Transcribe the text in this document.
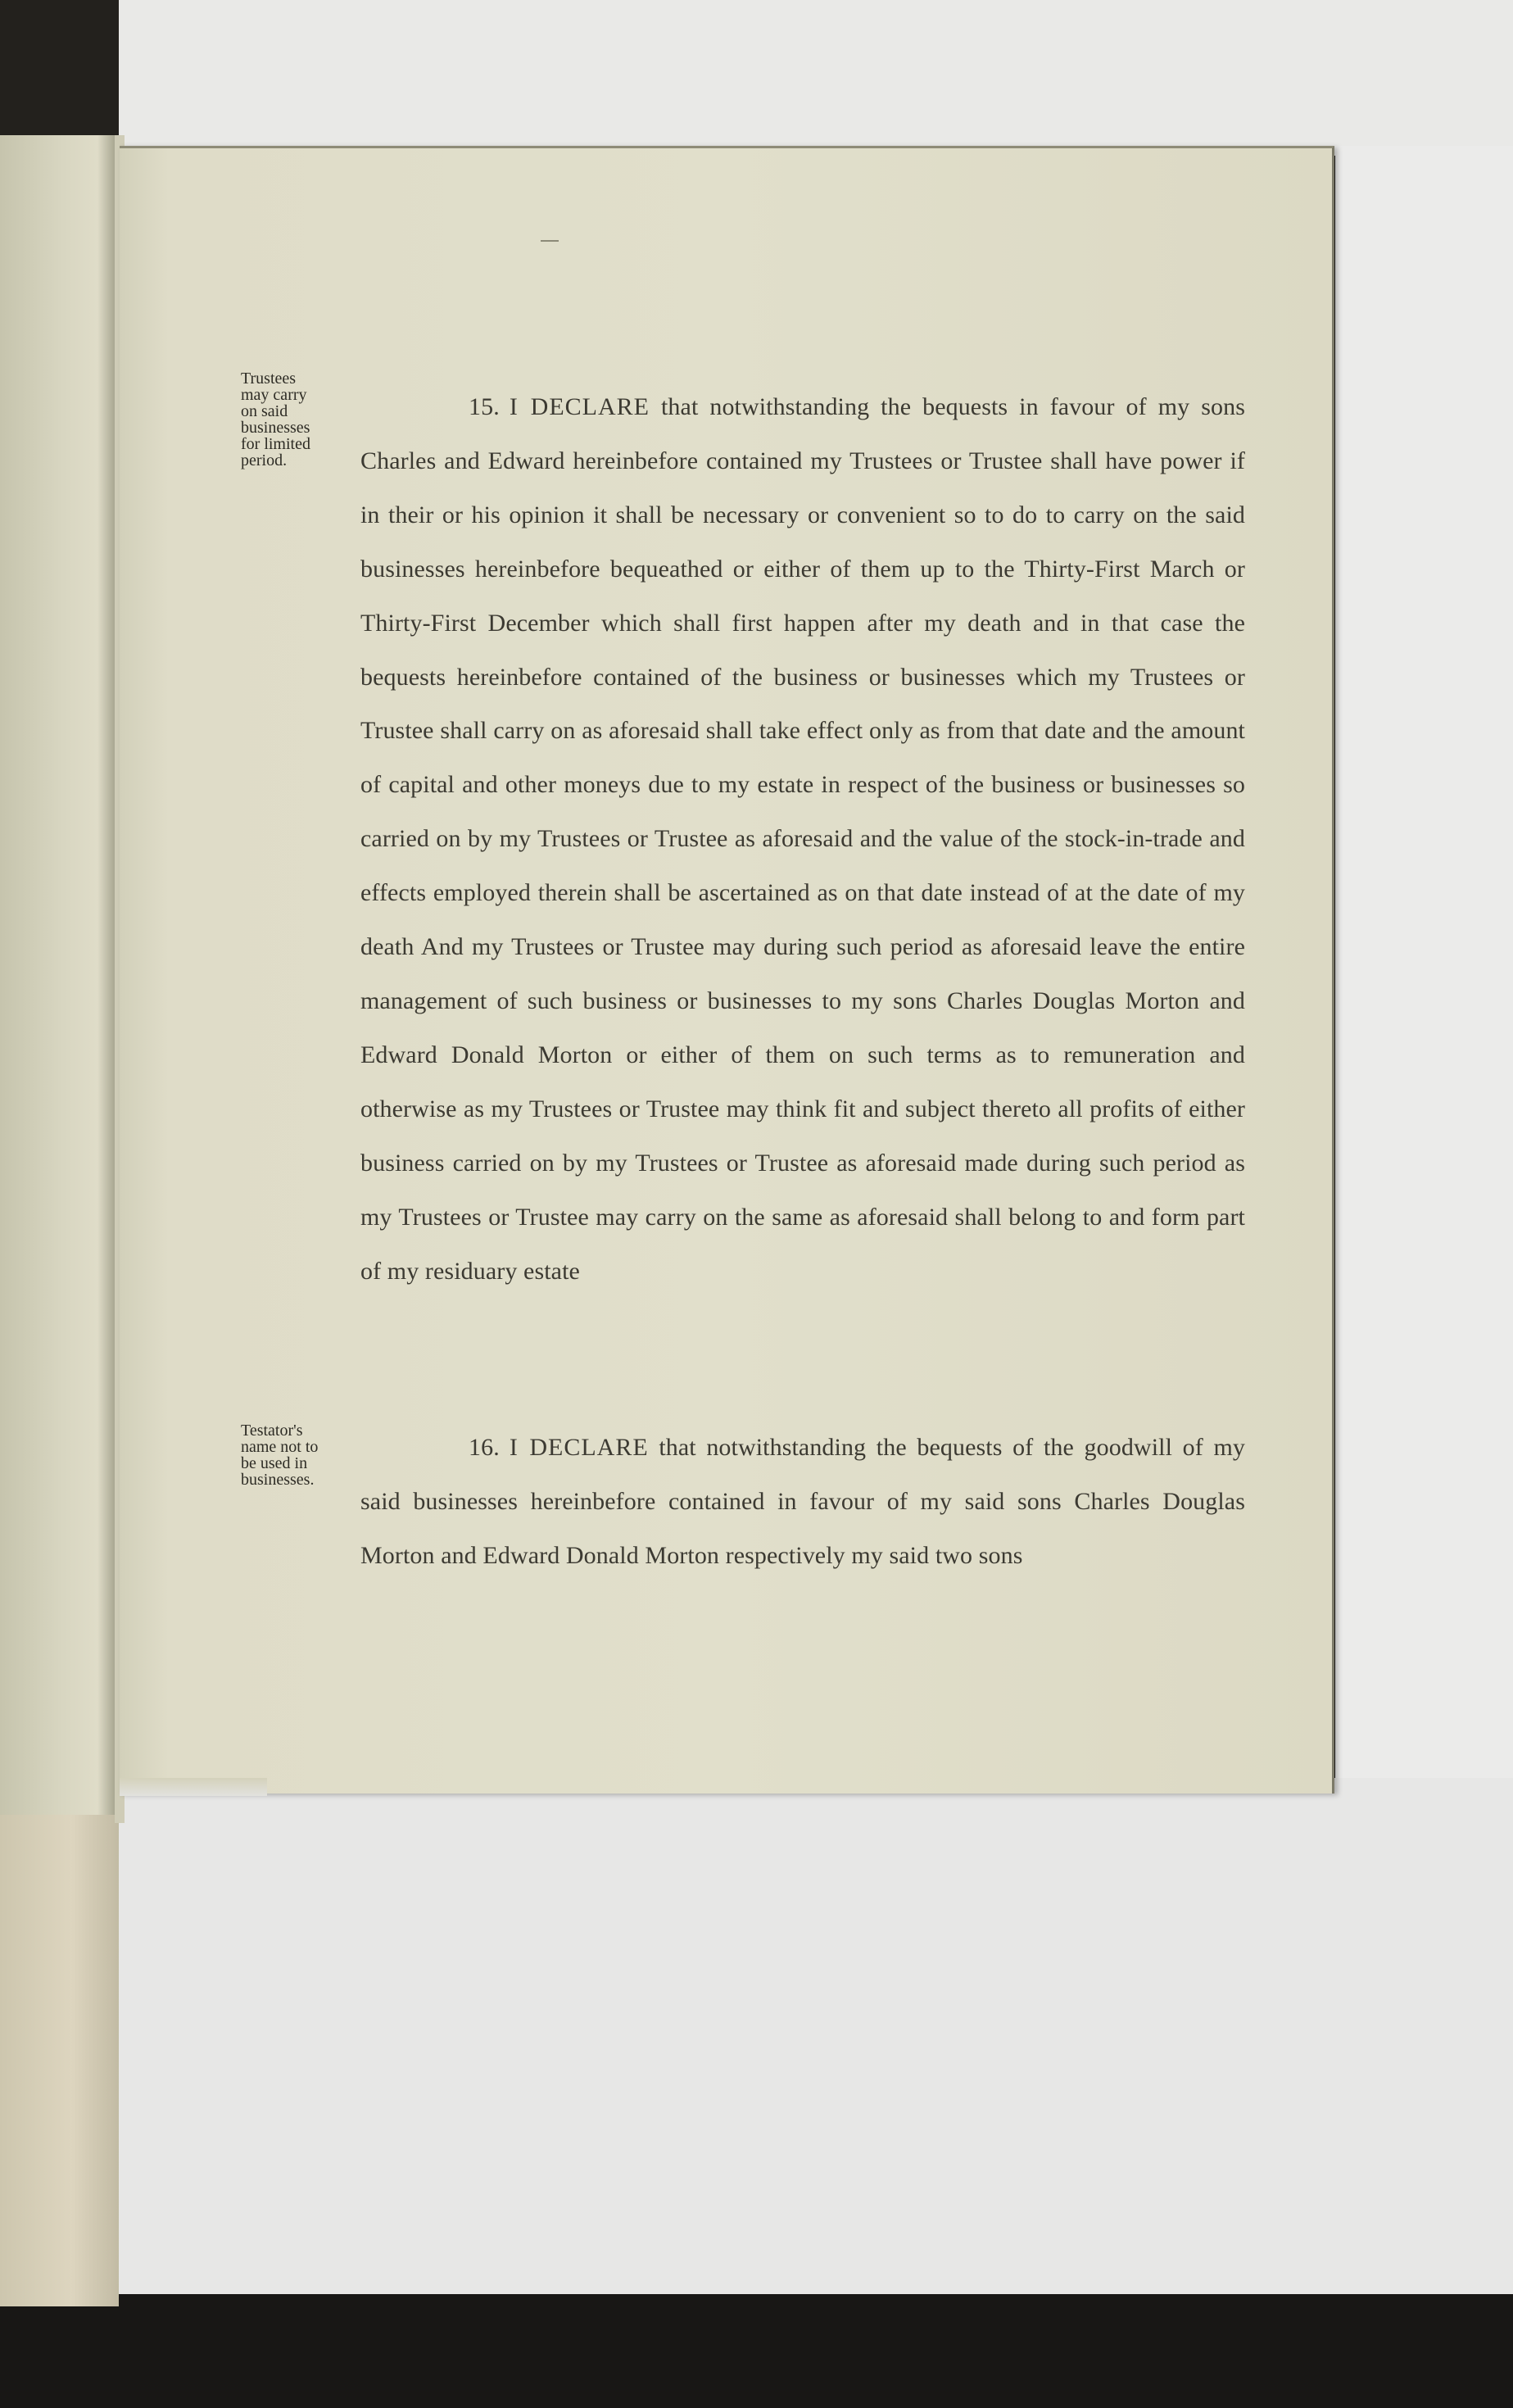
Trustees
may carry
on said
businesses
for limited
period.
Testator's
name not to
be used in
businesses.

15. I DECLARE that notwithstanding the bequests in favour of my sons Charles and Edward hereinbefore contained my Trustees or Trustee shall have power if in their or his opinion it shall be necessary or convenient so to do to carry on the said businesses hereinbefore bequeathed or either of them up to the Thirty-First March or Thirty-First December which shall first happen after my death and in that case the bequests hereinbefore contained of the business or businesses which my Trustees or Trustee shall carry on as aforesaid shall take effect only as from that date and the amount of capital and other moneys due to my estate in respect of the business or businesses so carried on by my Trustees or Trustee as aforesaid and the value of the stock-in-trade and effects employed therein shall be ascertained as on that date instead of at the date of my death And my Trustees or Trustee may during such period as aforesaid leave the entire management of such business or businesses to my sons Charles Douglas Morton and Edward Donald Morton or either of them on such terms as to remuneration and otherwise as my Trustees or Trustee may think fit and subject thereto all profits of either business carried on by my Trustees or Trustee as aforesaid made during such period as my Trustees or Trustee may carry on the same as aforesaid shall belong to and form part of my residuary estate

16. I DECLARE that notwithstanding the bequests of the goodwill of my said businesses hereinbefore contained in favour of my said sons Charles Douglas Morton and Edward Donald Morton respectively my said two sons
